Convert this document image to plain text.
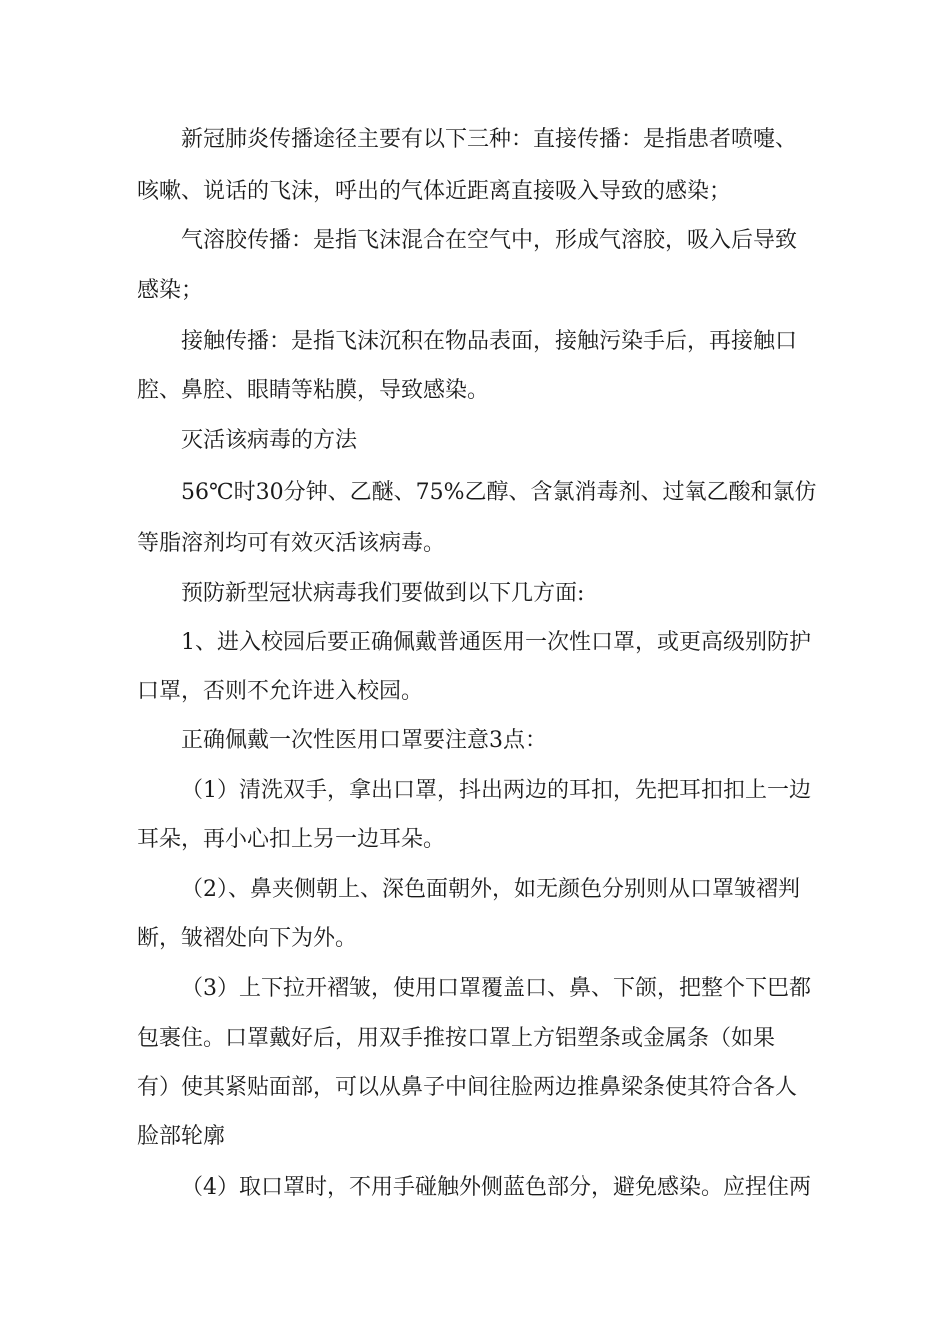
新冠肺炎传播途径主要有以下三种：直接传播：是指患者喷嚏、
咳嗽、说话的飞沫，呼出的气体近距离直接吸入导致的感染；
气溶胶传播：是指飞沫混合在空气中，形成气溶胶，吸入后导致
感染；
接触传播：是指飞沫沉积在物品表面，接触污染手后，再接触口
腔、鼻腔、眼睛等粘膜，导致感染。
灭活该病毒的方法
56℃时30分钟、乙醚、75%乙醇、含氯消毒剂、过氧乙酸和氯仿
等脂溶剂均可有效灭活该病毒。
预防新型冠状病毒我们要做到以下几方面:
1、进入校园后要正确佩戴普通医用一次性口罩，或更高级别防护
口罩，否则不允许进入校园。
正确佩戴一次性医用口罩要注意3点：
（1）清洗双手，拿出口罩，抖出两边的耳扣，先把耳扣扣上一边
耳朵，再小心扣上另一边耳朵。
（2）、鼻夹侧朝上、深色面朝外，如无颜色分别则从口罩皱褶判
断，皱褶处向下为外。
（3）上下拉开褶皱，使用口罩覆盖口、鼻、下颌，把整个下巴都
包裹住。口罩戴好后，用双手推按口罩上方铝塑条或金属条（如果
有）使其紧贴面部，可以从鼻子中间往脸两边推鼻梁条使其符合各人
脸部轮廓
（4）取口罩时，不用手碰触外侧蓝色部分，避免感染。应捏住两
